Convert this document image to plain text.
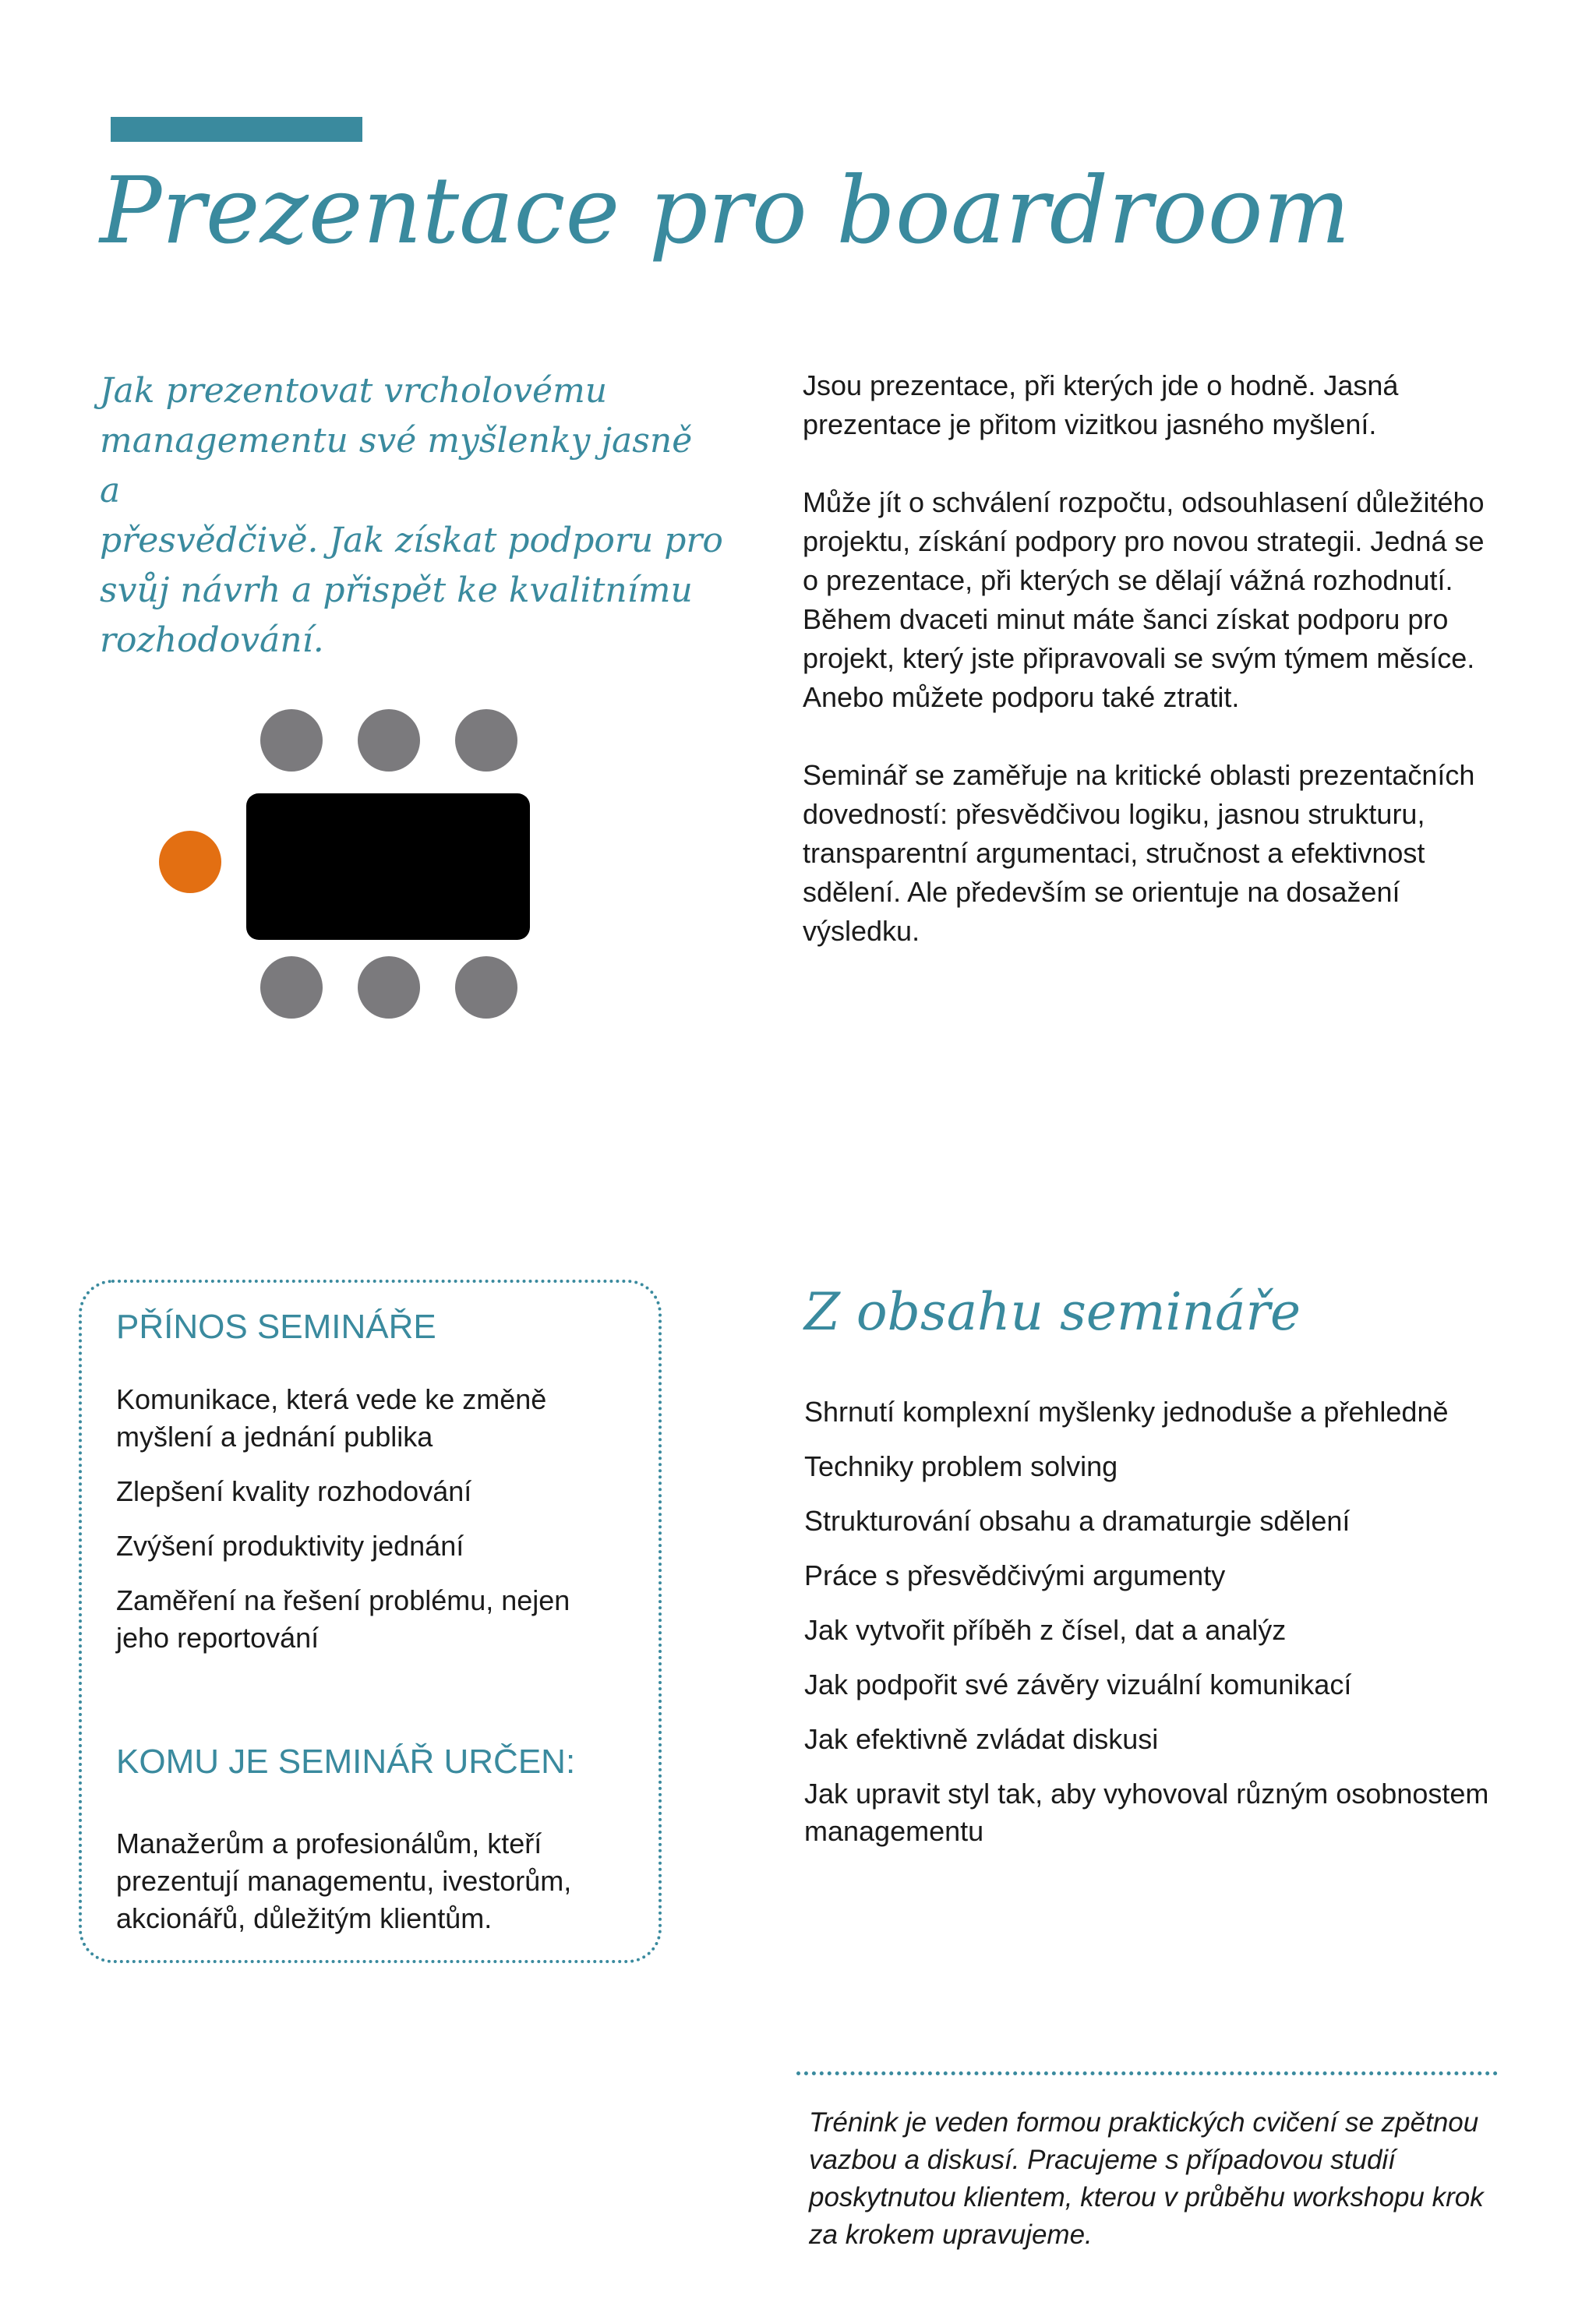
Prezentace pro boardroom

Jak prezentovat vrcholovému

managementu své myšlenky jasně a

přesvědčivě. Jak získat podporu pro

svůj návrh a přispět ke kvalitnímu

rozhodování.

Jsou prezentace, při kterých jde o hodně. Jasná prezentace je přitom vizitkou jasného myšlení.

Může jít o schválení rozpočtu, odsouhlasení důležitého projektu, získání podpory pro novou strategii. Jedná se o prezentace, při kterých se dělají vážná rozhodnutí. Během dvaceti minut máte šanci získat podporu pro projekt, který jste připravovali se svým týmem měsíce. Anebo můžete podporu také ztratit.

Seminář se zaměřuje na kritické oblasti prezentačních dovedností: přesvědčivou logiku, jasnou strukturu, transparentní argumentaci, stručnost a efektivnost sdělení. Ale především se orientuje na dosažení výsledku.

PŘÍNOS SEMINÁŘE
Komunikace, která vede ke změně myšlení a jednání publika
Zlepšení kvality rozhodování
Zvýšení produktivity jednání
Zaměření na řešení problému, nejen jeho reportování
KOMU JE SEMINÁŘ URČEN:
Manažerům a profesionálům, kteří prezentují managementu, ivestorům, akcionářů, důležitým klientům.
Z obsahu semináře
Shrnutí komplexní myšlenky jednoduše a přehledně
Techniky problem solving
Strukturování obsahu a dramaturgie sdělení
Práce s přesvědčivými argumenty
Jak vytvořit příběh z čísel, dat a analýz
Jak podpořit své závěry vizuální komunikací
Jak efektivně zvládat diskusi
Jak upravit styl tak, aby vyhovoval různým osobnostem managementu
Trénink je veden formou praktických cvičení se zpětnou vazbou a diskusí. Pracujeme s případovou studií poskytnutou klientem, kterou v průběhu workshopu krok za krokem upravujeme.
